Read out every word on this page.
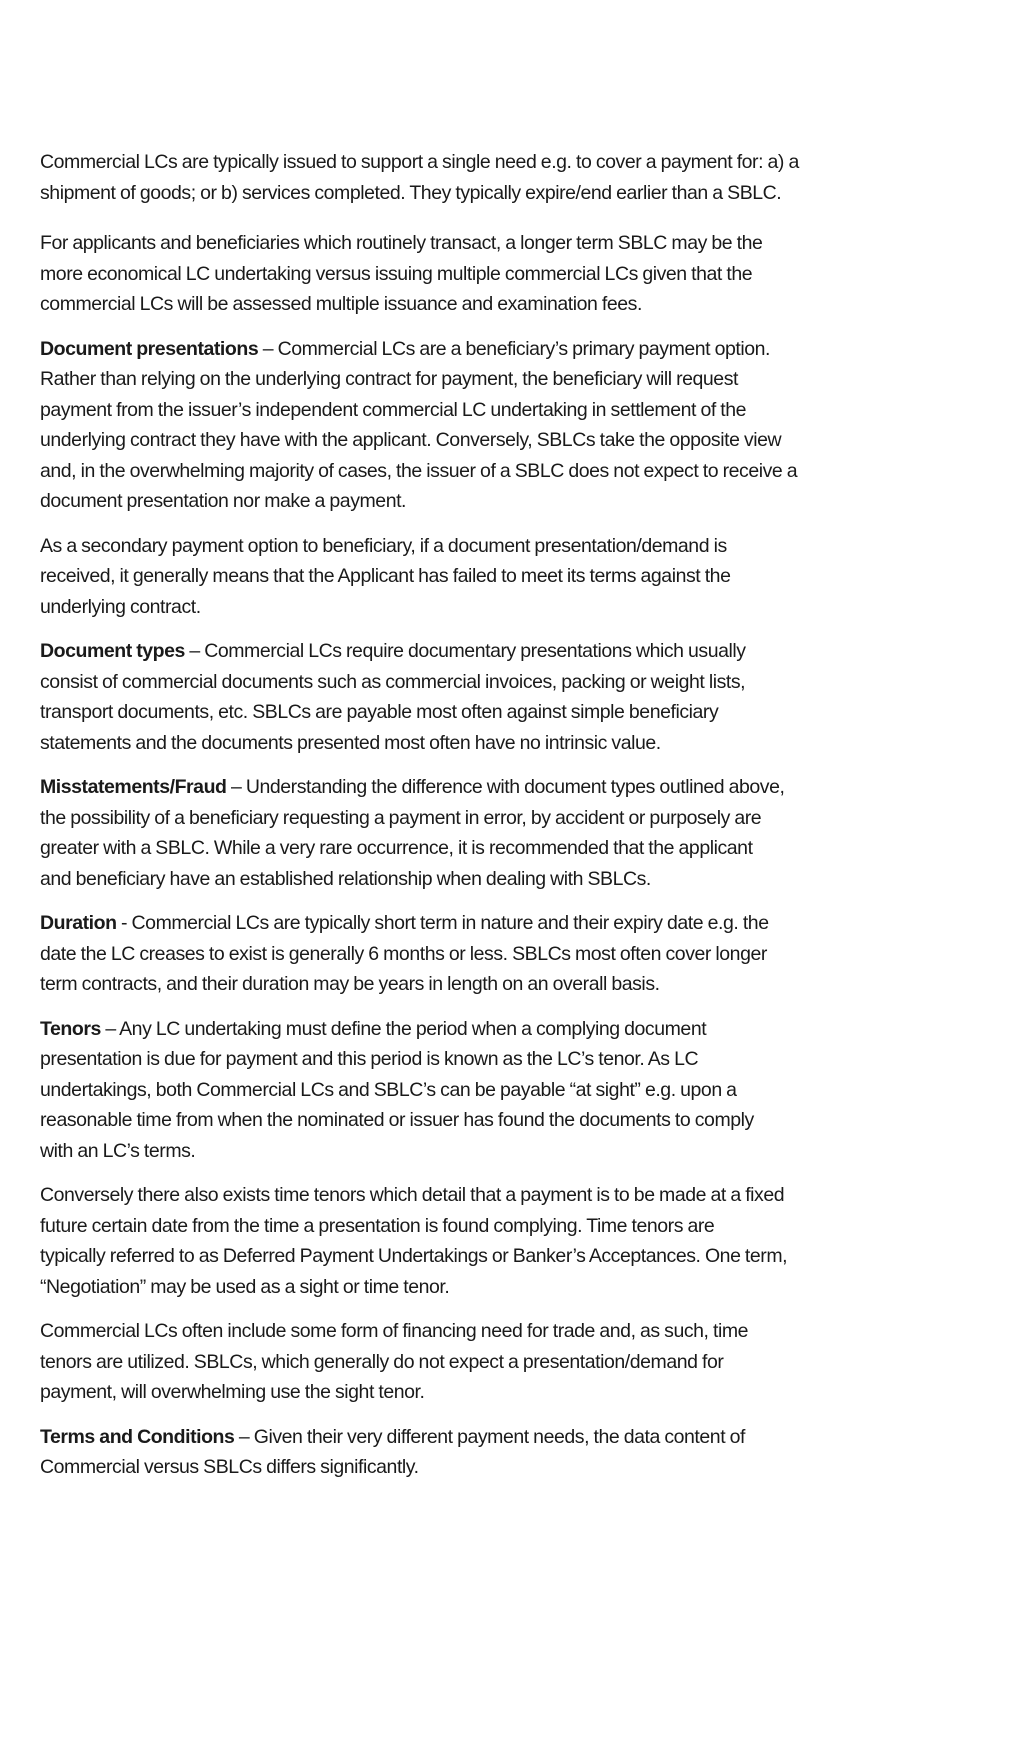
Commercial LCs are typically issued to support a single need e.g. to cover a payment for: a) a
shipment of goods; or b) services completed. They typically expire/end earlier than a SBLC.

For applicants and beneficiaries which routinely transact, a longer term SBLC may be the
more economical LC undertaking versus issuing multiple commercial LCs given that the
commercial LCs will be assessed multiple issuance and examination fees.

Document presentations – Commercial LCs are a beneficiary’s primary payment option.
Rather than relying on the underlying contract for payment, the beneficiary will request
payment from the issuer’s independent commercial LC undertaking in settlement of the
underlying contract they have with the applicant. Conversely, SBLCs take the opposite view
and, in the overwhelming majority of cases, the issuer of a SBLC does not expect to receive a
document presentation nor make a payment.

As a secondary payment option to beneficiary, if a document presentation/demand is
received, it generally means that the Applicant has failed to meet its terms against the
underlying contract.

Document types – Commercial LCs require documentary presentations which usually
consist of commercial documents such as commercial invoices, packing or weight lists,
transport documents, etc. SBLCs are payable most often against simple beneficiary
statements and the documents presented most often have no intrinsic value.

Misstatements/Fraud – Understanding the difference with document types outlined above,
the possibility of a beneficiary requesting a payment in error, by accident or purposely are
greater with a SBLC. While a very rare occurrence, it is recommended that the applicant
and beneficiary have an established relationship when dealing with SBLCs.

Duration - Commercial LCs are typically short term in nature and their expiry date e.g. the
date the LC creases to exist is generally 6 months or less. SBLCs most often cover longer
term contracts, and their duration may be years in length on an overall basis.

Tenors – Any LC undertaking must define the period when a complying document
presentation is due for payment and this period is known as the LC’s tenor. As LC
undertakings, both Commercial LCs and SBLC’s can be payable “at sight” e.g. upon a
reasonable time from when the nominated or issuer has found the documents to comply
with an LC’s terms.

Conversely there also exists time tenors which detail that a payment is to be made at a fixed
future certain date from the time a presentation is found complying. Time tenors are
typically referred to as Deferred Payment Undertakings or Banker’s Acceptances. One term,
“Negotiation” may be used as a sight or time tenor.

Commercial LCs often include some form of financing need for trade and, as such, time
tenors are utilized. SBLCs, which generally do not expect a presentation/demand for
payment, will overwhelming use the sight tenor.

Terms and Conditions – Given their very different payment needs, the data content of
Commercial versus SBLCs differs significantly.
